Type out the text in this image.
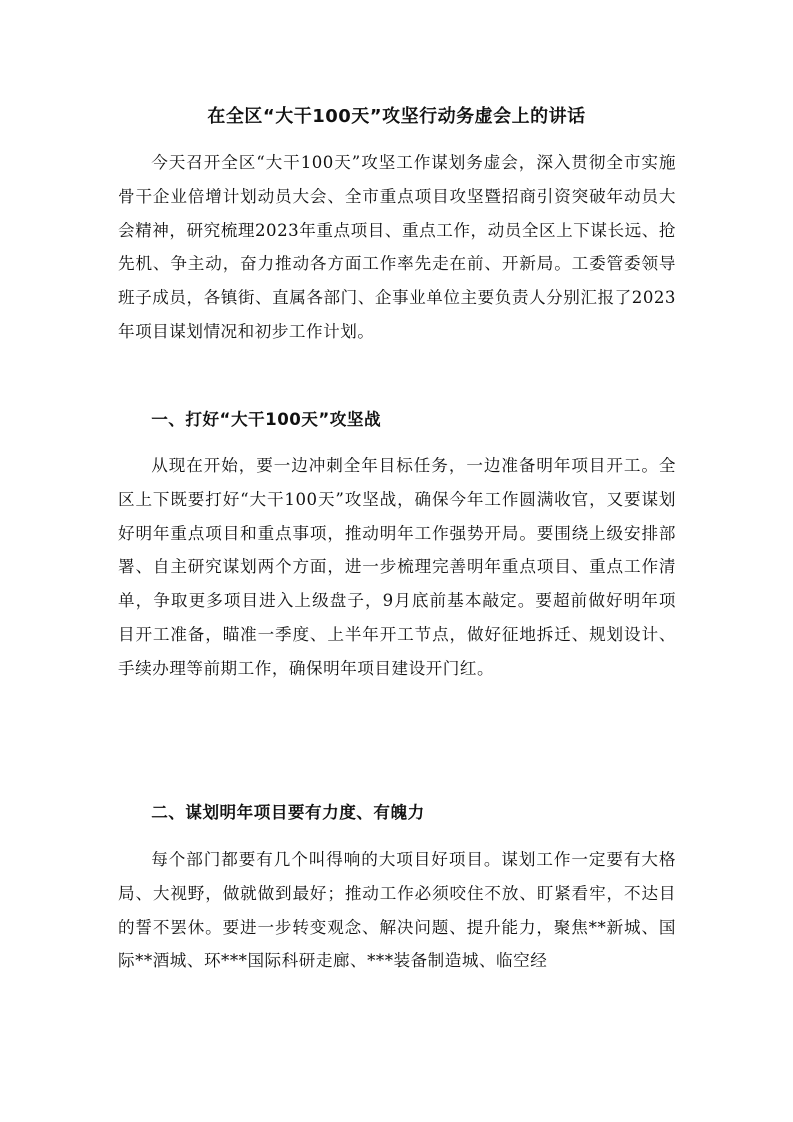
在全区“大干100天”攻坚行动务虚会上的讲话

今天召开全区“大干100天”攻坚工作谋划务虚会，深入贯彻全市实施骨干企业倍增计划动员大会、全市重点项目攻坚暨招商引资突破年动员大会精神，研究梳理2023年重点项目、重点工作，动员全区上下谋长远、抢先机、争主动，奋力推动各方面工作率先走在前、开新局。工委管委领导班子成员，各镇街、直属各部门、企事业单位主要负责人分别汇报了2023年项目谋划情况和初步工作计划。

一、打好“大干100天”攻坚战

从现在开始，要一边冲刺全年目标任务，一边准备明年项目开工。全区上下既要打好“大干100天”攻坚战，确保今年工作圆满收官，又要谋划好明年重点项目和重点事项，推动明年工作强势开局。要围绕上级安排部署、自主研究谋划两个方面，进一步梳理完善明年重点项目、重点工作清单，争取更多项目进入上级盘子，9月底前基本敲定。要超前做好明年项目开工准备，瞄准一季度、上半年开工节点，做好征地拆迁、规划设计、手续办理等前期工作，确保明年项目建设开门红。

二、谋划明年项目要有力度、有魄力

每个部门都要有几个叫得响的大项目好项目。谋划工作一定要有大格局、大视野，做就做到最好；推动工作必须咬住不放、盯紧看牢，不达目的誓不罢休。要进一步转变观念、解决问题、提升能力，聚焦**新城、国际**酒城、环***国际科研走廊、***装备制造城、临空经
